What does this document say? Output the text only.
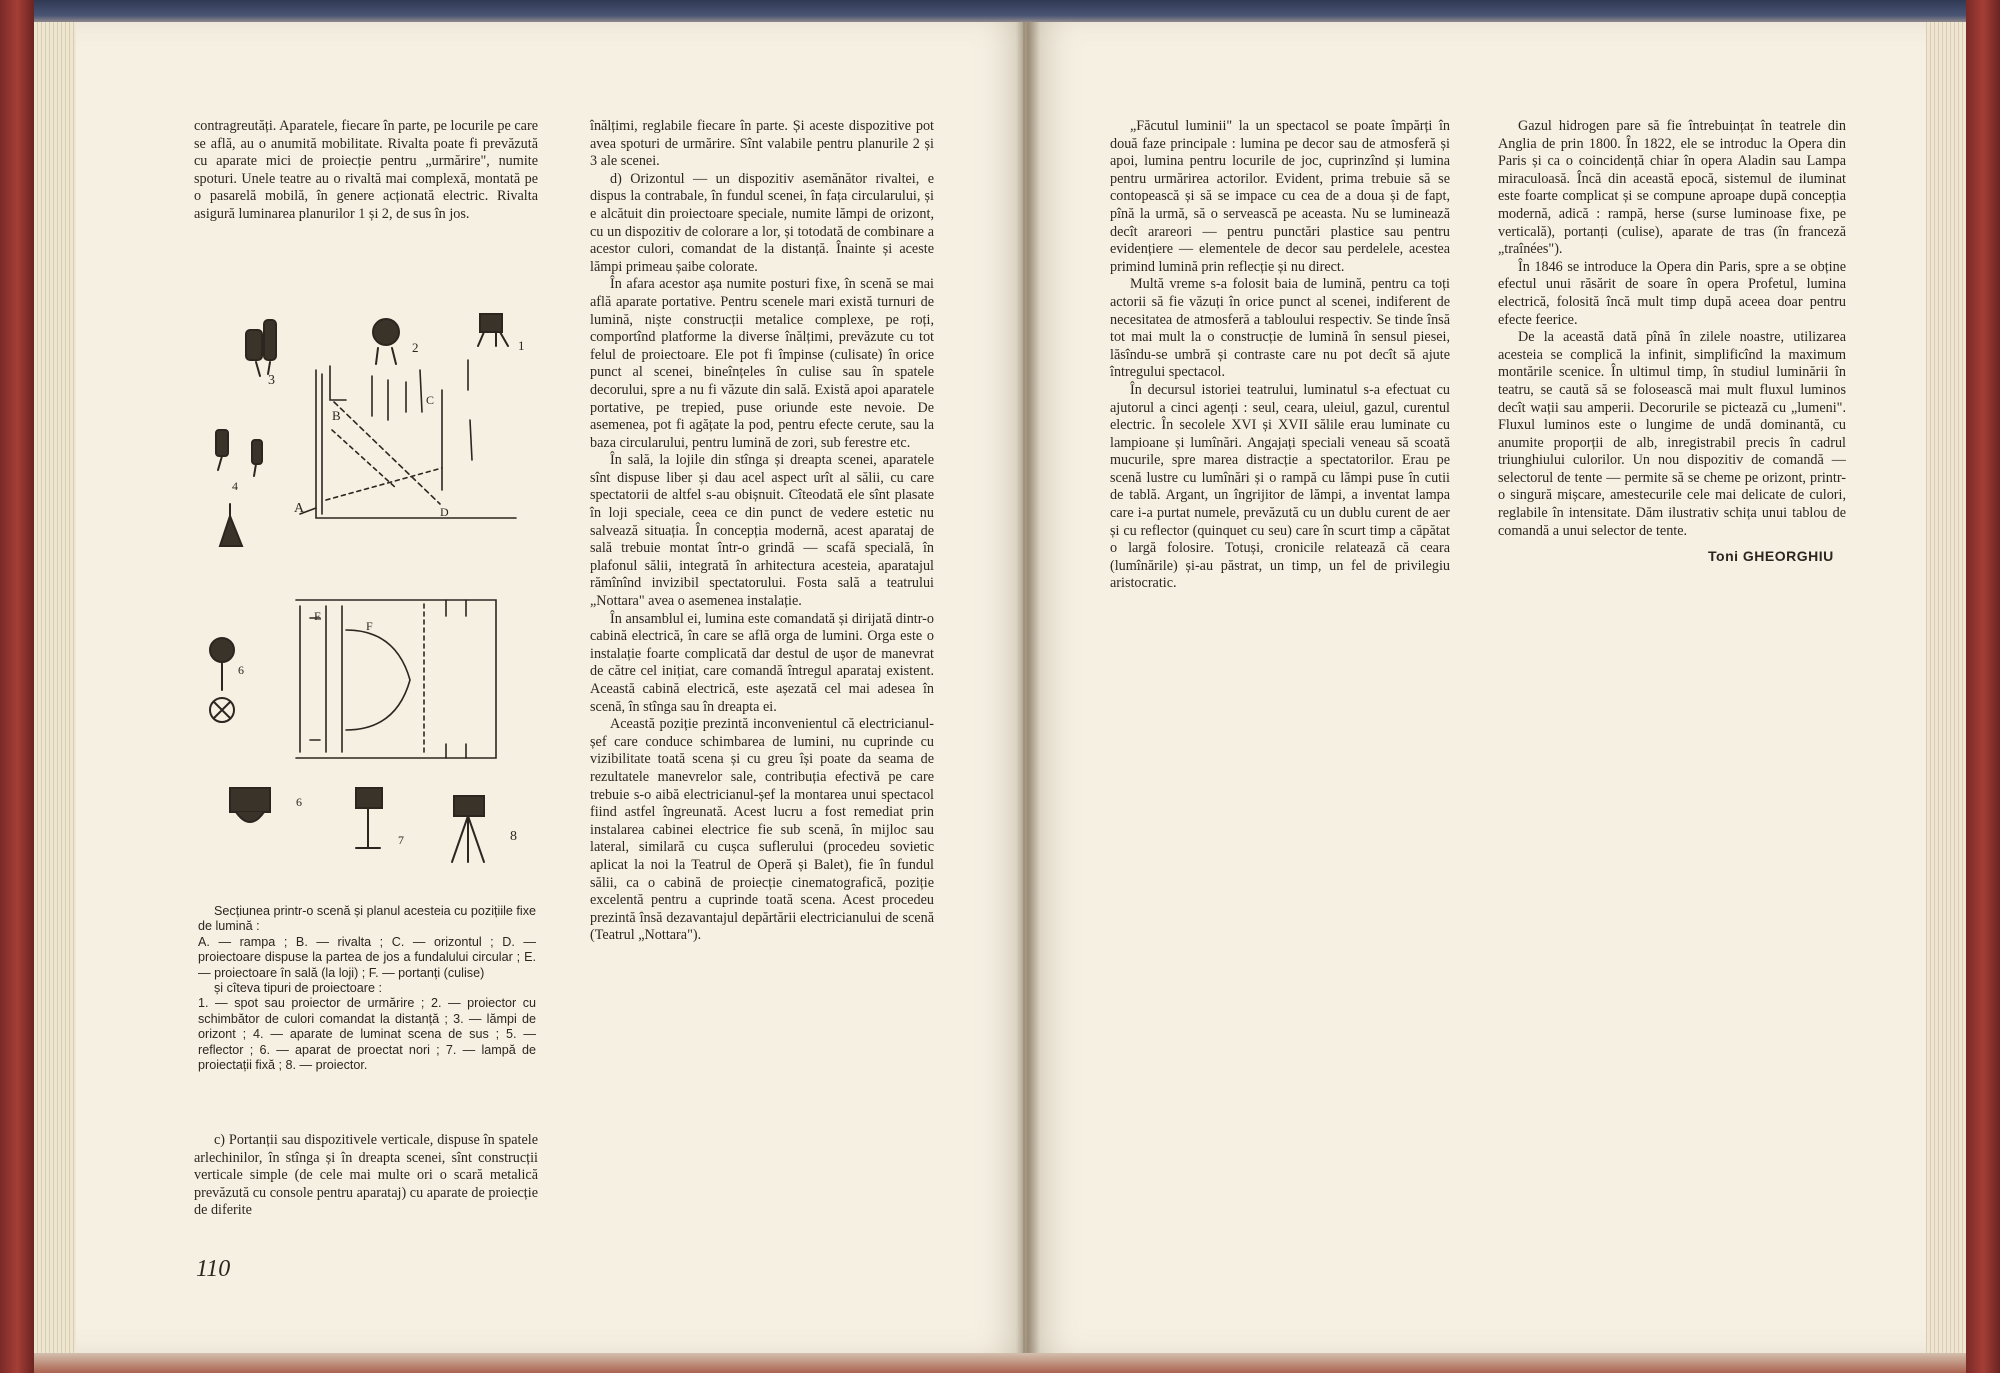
contragreutăți. Aparatele, fiecare în parte, pe locurile pe care se află, au o anumită mobilitate. Rivalta poate fi prevăzută cu aparate mici de proiecție pentru „urmărire", numite spoturi. Unele teatre au o rivaltă mai complexă, montată pe o pasarelă mobilă, în genere acționată electric. Rivalta asigură luminarea planurilor 1 și 2, de sus în jos.

3
2	1
B
C
A	D
4
E
F
6
6
7	8

Secțiunea printr-o scenă și planul acesteia cu pozițiile fixe de lumină :

A. — rampa ; B. — rivalta ; C. — orizontul ; D. — proiectoare dispuse la partea de jos a fundalului circular ; E. — proiectoare în sală (la loji) ; F. — portanți (culise)

și cîteva tipuri de proiectoare :

1. — spot sau proiector de urmărire ; 2. — proiector cu schimbător de culori comandat la distanță ; 3. — lămpi de orizont ; 4. — aparate de luminat scena de sus ; 5. — reflector ; 6. — aparat de proectat nori ; 7. — lampă de proiectații fixă ; 8. — proiector.

c) Portanții sau dispozitivele verticale, dispuse în spatele arlechinilor, în stînga și în dreapta scenei, sînt construcții verticale simple (de cele mai multe ori o scară metalică prevăzută cu console pentru aparataj) cu aparate de proiecție de diferite

110

înălțimi, reglabile fiecare în parte. Și aceste dispozitive pot avea spoturi de urmărire. Sînt valabile pentru planurile 2 și 3 ale scenei.

d) Orizontul — un dispozitiv asemănător rivaltei, e dispus la contrabale, în fundul scenei, în fața circularului, și e alcătuit din proiectoare speciale, numite lămpi de orizont, cu un dispozitiv de colorare a lor, și totodată de combinare a acestor culori, comandat de la distanță. Înainte și aceste lămpi primeau șaibe colorate.

În afara acestor așa numite posturi fixe, în scenă se mai află aparate portative. Pentru scenele mari există turnuri de lumină, niște construcții metalice complexe, pe roți, comportînd platforme la diverse înălțimi, prevăzute cu tot felul de proiectoare. Ele pot fi împinse (culisate) în orice punct al scenei, bineînțeles în culise sau în spatele decorului, spre a nu fi văzute din sală. Există apoi aparatele portative, pe trepied, puse oriunde este nevoie. De asemenea, pot fi agățate la pod, pentru efecte cerute, sau la baza circularului, pentru lumină de zori, sub ferestre etc.

În sală, la lojile din stînga și dreapta scenei, aparatele sînt dispuse liber și dau acel aspect urît al sălii, cu care spectatorii de altfel s-au obișnuit. Cîteodată ele sînt plasate în loji speciale, ceea ce din punct de vedere estetic nu salvează situația. În concepția modernă, acest aparataj de sală trebuie montat într-o grindă — scafă specială, în plafonul sălii, integrată în arhitectura acesteia, aparatajul rămînînd invizibil spectatorului. Fosta sală a teatrului „Nottara" avea o asemenea instalație.

În ansamblul ei, lumina este comandată și dirijată dintr-o cabină electrică, în care se află orga de lumini. Orga este o instalație foarte complicată dar destul de ușor de manevrat de către cel inițiat, care comandă întregul aparataj existent. Această cabină electrică, este așezată cel mai adesea în scenă, în stînga sau în dreapta ei.

Această poziție prezintă inconvenientul că electricianul-șef care conduce schimbarea de lumini, nu cuprinde cu vizibilitate toată scena și cu greu își poate da seama de rezultatele manevrelor sale, contribuția efectivă pe care trebuie s-o aibă electricianul-șef la montarea unui spectacol fiind astfel îngreunată. Acest lucru a fost remediat prin instalarea cabinei electrice fie sub scenă, în mijloc sau lateral, similară cu cușca suflerului (procedeu sovietic aplicat la noi la Teatrul de Operă și Balet), fie în fundul sălii, ca o cabină de proiecție cinematografică, poziție excelentă pentru a cuprinde toată scena. Acest procedeu prezintă însă dezavantajul depărtării electricianului de scenă (Teatrul „Nottara").

„Făcutul luminii" la un spectacol se poate împărți în două faze principale : lumina pe decor sau de atmosferă și apoi, lumina pentru locurile de joc, cuprinzînd și lumina pentru urmărirea actorilor. Evident, prima trebuie să se contopească și să se impace cu cea de a doua și de fapt, pînă la urmă, să o servească pe aceasta. Nu se luminează decît arareori — pentru punctări plastice sau pentru evidențiere — elementele de decor sau perdelele, acestea primind lumină prin reflecție și nu direct.

Multă vreme s-a folosit baia de lumină, pentru ca toți actorii să fie văzuți în orice punct al scenei, indiferent de necesitatea de atmosferă a tabloului respectiv. Se tinde însă tot mai mult la o construcție de lumină în sensul piesei, lăsîndu-se umbră și contraste care nu pot decît să ajute întregului spectacol.

În decursul istoriei teatrului, luminatul s-a efectuat cu ajutorul a cinci agenți : seul, ceara, uleiul, gazul, curentul electric. În secolele XVI și XVII sălile erau luminate cu lampioane și lumînări. Angajați speciali veneau să scoată mucurile, spre marea distracție a spectatorilor. Erau pe scenă lustre cu lumînări și o rampă cu lămpi puse în cutii de tablă. Argant, un îngrijitor de lămpi, a inventat lampa care i-a purtat numele, prevăzută cu un dublu curent de aer și cu reflector (quinquet cu seu) care în scurt timp a căpătat o largă folosire. Totuși, cronicile relatează că ceara (lumînările) și-au păstrat, un timp, un fel de privilegiu aristocratic.

Gazul hidrogen pare să fie întrebuințat în teatrele din Anglia de prin 1800. În 1822, ele se introduc la Opera din Paris și ca o coincidență chiar în opera Aladin sau Lampa miraculoasă. Încă din această epocă, sistemul de iluminat este foarte complicat și se compune aproape după concepția modernă, adică : rampă, herse (surse luminoase fixe, pe verticală), portanți (culise), aparate de tras (în franceză „traînées").

În 1846 se introduce la Opera din Paris, spre a se obține efectul unui răsărit de soare în opera Profetul, lumina electrică, folosită încă mult timp după aceea doar pentru efecte feerice.

De la această dată pînă în zilele noastre, utilizarea acesteia se complică la infinit, simplificînd la maximum montările scenice. În ultimul timp, în studiul luminării în teatru, se caută să se folosească mai mult fluxul luminos decît wații sau amperii. Decorurile se pictează cu „lumeni". Fluxul luminos este o lungime de undă dominantă, cu anumite proporții de alb, inregistrabil precis în cadrul triunghiului culorilor. Un nou dispozitiv de comandă — selectorul de tente — permite să se cheme pe orizont, printr-o singură mișcare, amestecurile cele mai delicate de culori, reglabile în intensitate. Dăm ilustrativ schița unui tablou de comandă a unui selector de tente.

Toni GHEORGHIU
